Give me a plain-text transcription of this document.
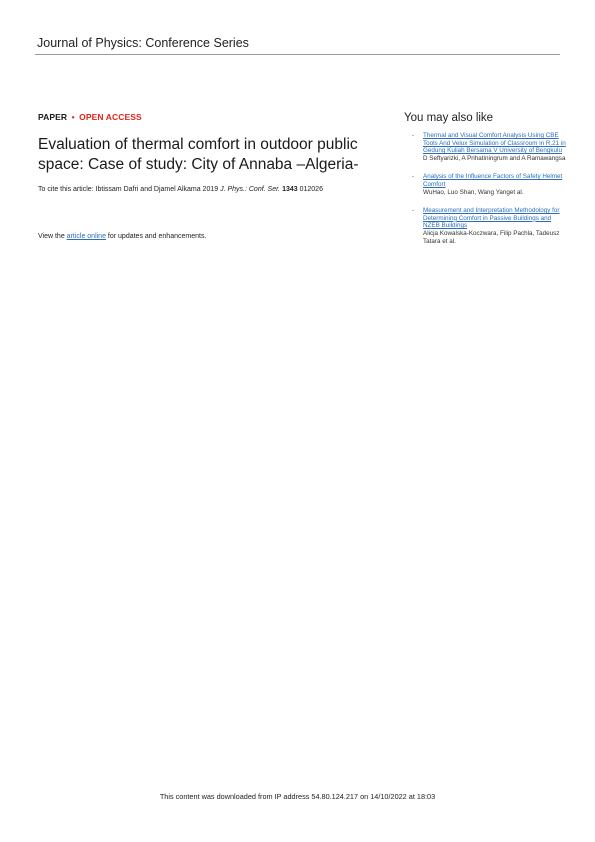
Journal of Physics: Conference Series
PAPER • OPEN ACCESS
Evaluation of thermal comfort in outdoor public space: Case of study: City of Annaba –Algeria-
To cite this article: Ibtissam Dafri and Djamel Alkama 2019 J. Phys.: Conf. Ser. 1343 012026
View the article online for updates and enhancements.
You may also like
-	Thermal and Visual Comfort Analysis Using CBE Tools And Velux Simulation of Classroom in R.21 in Gedung Kuliah Bersama V University of Bengkulu
D Seftyarizki, A Prihatiningrum and A Ramawangsa
-	Analysis of the Influence Factors of Safety Helmet Comfort
WuHao, Luo Shan, Wang Yanget al.
-	Measurement and Interpretation Methodology for Determining Comfort in Passive Buildings and NZEB Buildings
Alicja Kowalska-Koczwara, Filip Pachla, Tadeusz Tatara et al.
This content was downloaded from IP address 54.80.124.217 on 14/10/2022 at 18:03
